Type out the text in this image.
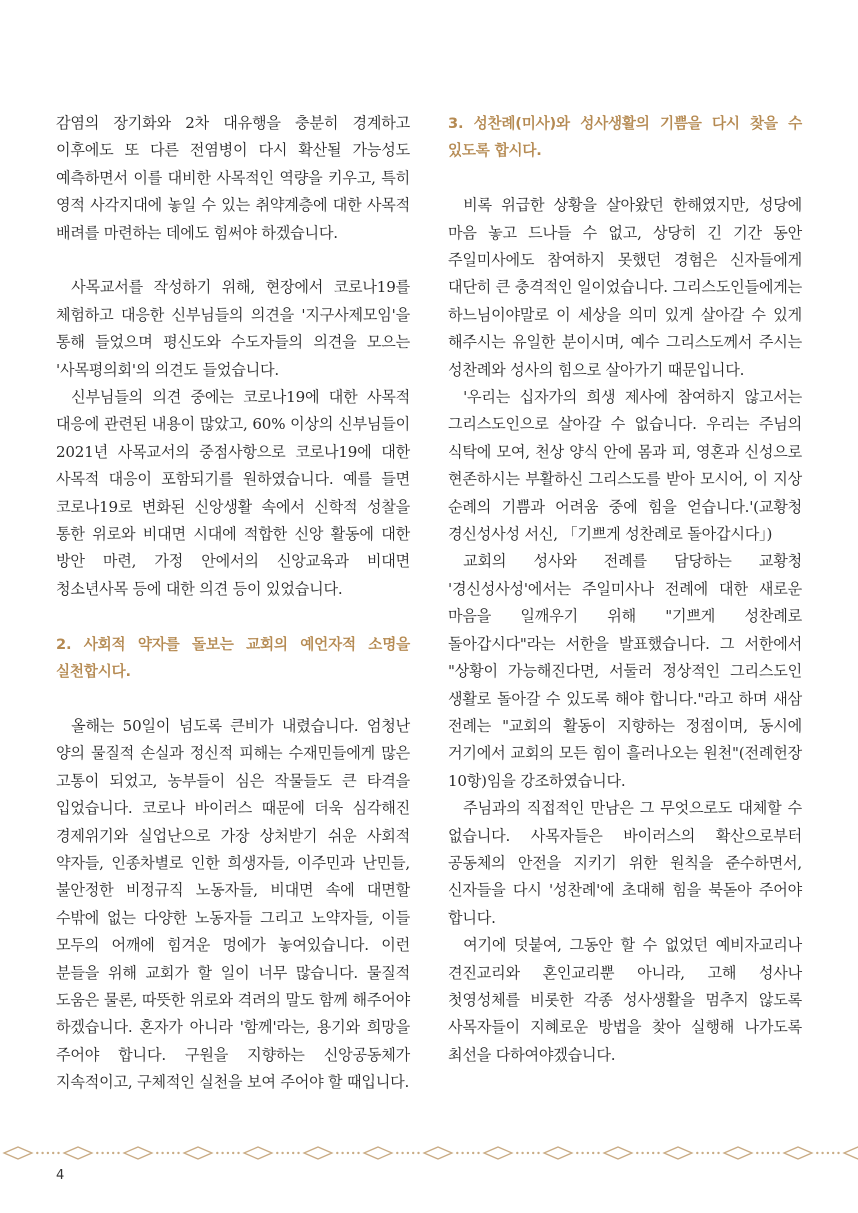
감염의 장기화와 2차 대유행을 충분히 경계하고 이후에도 또 다른 전염병이 다시 확산될 가능성도 예측하면서 이를 대비한 사목적인 역량을 키우고, 특히 영적 사각지대에 놓일 수 있는 취약계층에 대한 사목적 배려를 마련하는 데에도 힘써야 하겠습니다.

사목교서를 작성하기 위해, 현장에서 코로나19를 체험하고 대응한 신부님들의 의견을 '지구사제모임'을 통해 들었으며 평신도와 수도자들의 의견을 모으는 '사목평의회'의 의견도 들었습니다.

신부님들의 의견 중에는 코로나19에 대한 사목적 대응에 관련된 내용이 많았고, 60% 이상의 신부님들이 2021년 사목교서의 중점사항으로 코로나19에 대한 사목적 대응이 포함되기를 원하였습니다. 예를 들면 코로나19로 변화된 신앙생활 속에서 신학적 성찰을 통한 위로와 비대면 시대에 적합한 신앙 활동에 대한 방안 마련, 가정 안에서의 신앙교육과 비대면 청소년사목 등에 대한 의견 등이 있었습니다.

2. 사회적 약자를 돌보는 교회의 예언자적 소명을 실천합시다.

올해는 50일이 넘도록 큰비가 내렸습니다. 엄청난 양의 물질적 손실과 정신적 피해는 수재민들에게 많은 고통이 되었고, 농부들이 심은 작물들도 큰 타격을 입었습니다. 코로나 바이러스 때문에 더욱 심각해진 경제위기와 실업난으로 가장 상처받기 쉬운 사회적 약자들, 인종차별로 인한 희생자들, 이주민과 난민들, 불안정한 비정규직 노동자들, 비대면 속에 대면할 수밖에 없는 다양한 노동자들 그리고 노약자들, 이들 모두의 어깨에 힘겨운 멍에가 놓여있습니다. 이런 분들을 위해 교회가 할 일이 너무 많습니다. 물질적 도움은 물론, 따뜻한 위로와 격려의 말도 함께 해주어야 하겠습니다. 혼자가 아니라 '함께'라는, 용기와 희망을 주어야 합니다. 구원을 지향하는 신앙공동체가 지속적이고, 구체적인 실천을 보여 주어야 할 때입니다.

3. 성찬례(미사)와 성사생활의 기쁨을 다시 찾을 수 있도록 합시다.

비록 위급한 상황을 살아왔던 한해였지만, 성당에 마음 놓고 드나들 수 없고, 상당히 긴 기간 동안 주일미사에도 참여하지 못했던 경험은 신자들에게 대단히 큰 충격적인 일이었습니다. 그리스도인들에게는 하느님이야말로 이 세상을 의미 있게 살아갈 수 있게 해주시는 유일한 분이시며, 예수 그리스도께서 주시는 성찬례와 성사의 힘으로 살아가기 때문입니다.

'우리는 십자가의 희생 제사에 참여하지 않고서는 그리스도인으로 살아갈 수 없습니다. 우리는 주님의 식탁에 모여, 천상 양식 안에 몸과 피, 영혼과 신성으로 현존하시는 부활하신 그리스도를 받아 모시어, 이 지상 순례의 기쁨과 어려움 중에 힘을 얻습니다.'(교황청 경신성사성 서신, 「기쁘게 성찬례로 돌아갑시다」)

교회의 성사와 전례를 담당하는 교황청 '경신성사성'에서는 주일미사나 전례에 대한 새로운 마음을 일깨우기 위해 "기쁘게 성찬례로 돌아갑시다"라는 서한을 발표했습니다. 그 서한에서 "상황이 가능해진다면, 서둘러 정상적인 그리스도인 생활로 돌아갈 수 있도록 해야 합니다."라고 하며 새삼 전례는 "교회의 활동이 지향하는 정점이며, 동시에 거기에서 교회의 모든 힘이 흘러나오는 원천"(전례헌장 10항)임을 강조하였습니다.

주님과의 직접적인 만남은 그 무엇으로도 대체할 수 없습니다. 사목자들은 바이러스의 확산으로부터 공동체의 안전을 지키기 위한 원칙을 준수하면서, 신자들을 다시 '성찬례'에 초대해 힘을 북돋아 주어야 합니다.

여기에 덧붙여, 그동안 할 수 없었던 예비자교리나 견진교리와 혼인교리뿐 아니라, 고해 성사나 첫영성체를 비롯한 각종 성사생활을 멈추지 않도록 사목자들이 지혜로운 방법을 찾아 실행해 나가도록 최선을 다하여야겠습니다.

4
